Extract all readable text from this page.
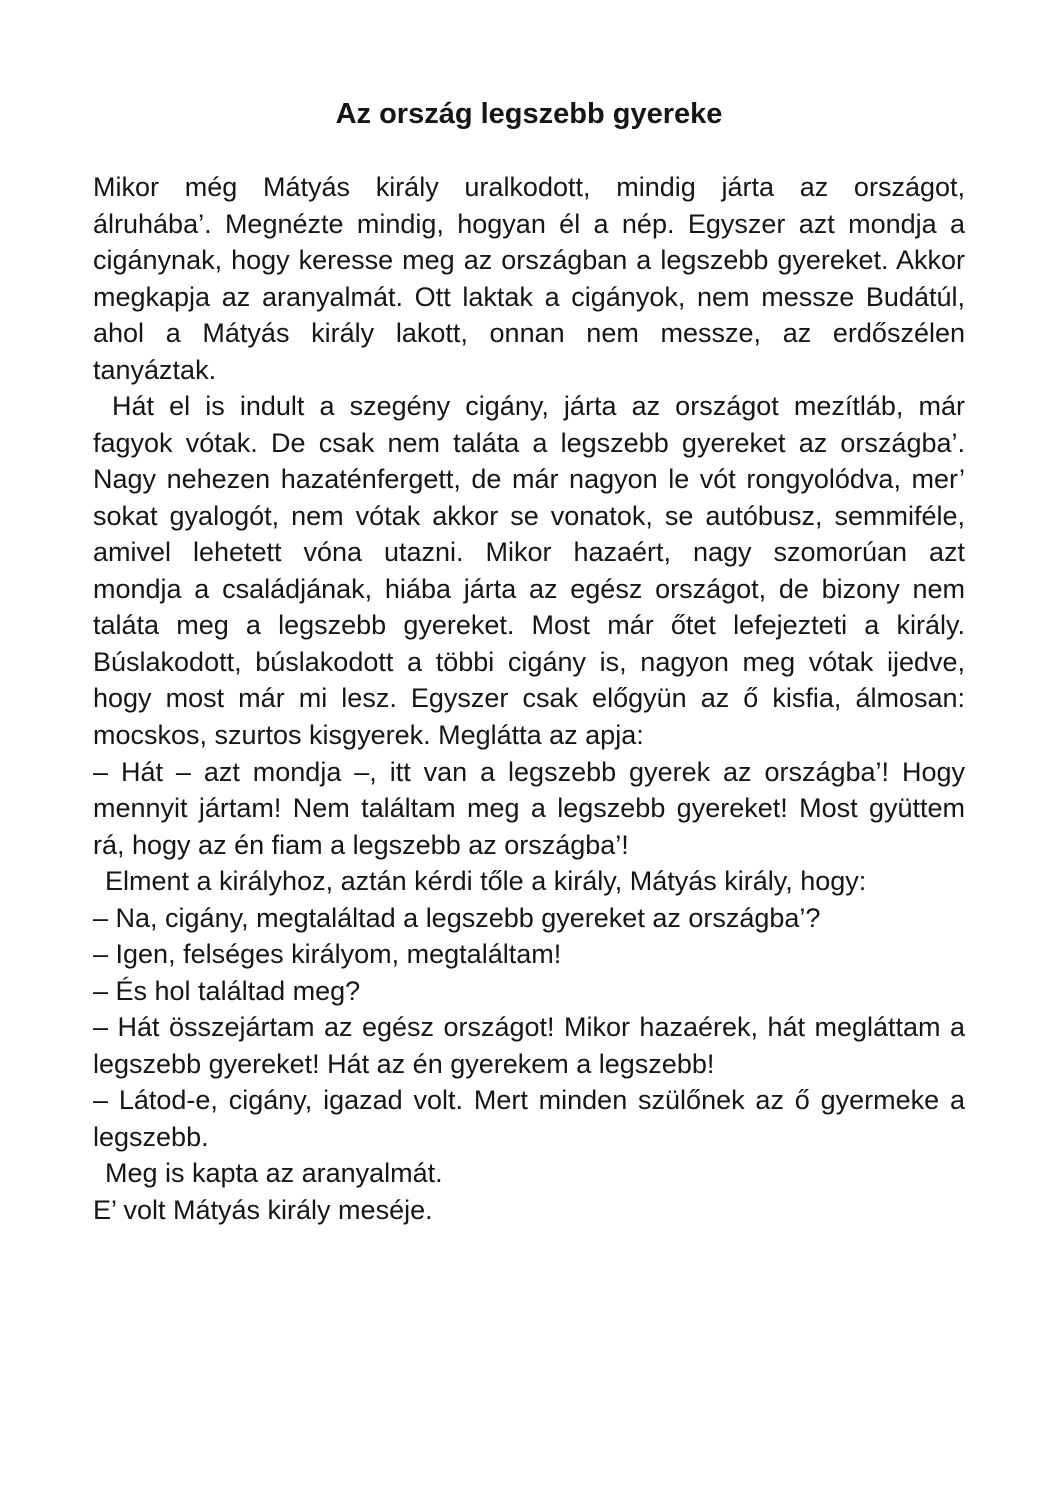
Az ország legszebb gyereke
Mikor még Mátyás király uralkodott, mindig járta az országot,
álruhába’. Megnézte mindig, hogyan él a nép. Egyszer azt mondja a
cigánynak, hogy keresse meg az országban a legszebb gyereket. Akkor
megkapja az aranyalmát. Ott laktak a cigányok, nem messze Budátúl,
ahol a Mátyás király lakott, onnan nem messze, az erdőszélen
tanyáztak.
Hát el is indult a szegény cigány, járta az országot mezítláb, már
fagyok vótak. De csak nem taláta a legszebb gyereket az országba’.
Nagy nehezen hazaténfergett, de már nagyon le vót rongyolódva, mer’
sokat gyalogót, nem vótak akkor se vonatok, se autóbusz, semmiféle,
amivel lehetett vóna utazni. Mikor hazaért, nagy szomorúan azt
mondja a családjának, hiába járta az egész országot, de bizony nem
taláta meg a legszebb gyereket. Most már őtet lefejezteti a király.
Búslakodott, búslakodott a többi cigány is, nagyon meg vótak ijedve,
hogy most már mi lesz. Egyszer csak előgyün az ő kisfia, álmosan:
mocskos, szurtos kisgyerek. Meglátta az apja:
– Hát – azt mondja –, itt van a legszebb gyerek az országba’! Hogy
mennyit jártam! Nem találtam meg a legszebb gyereket! Most gyüttem
rá, hogy az én fiam a legszebb az országba’!
Elment a királyhoz, aztán kérdi tőle a király, Mátyás király, hogy:
– Na, cigány, megtaláltad a legszebb gyereket az országba’?
– Igen, felséges királyom, megtaláltam!
– És hol találtad meg?
– Hát összejártam az egész országot! Mikor hazaérek, hát megláttam a
legszebb gyereket! Hát az én gyerekem a legszebb!
– Látod-e, cigány, igazad volt. Mert minden szülőnek az ő gyermeke a
legszebb.
Meg is kapta az aranyalmát.
E’ volt Mátyás király meséje.
